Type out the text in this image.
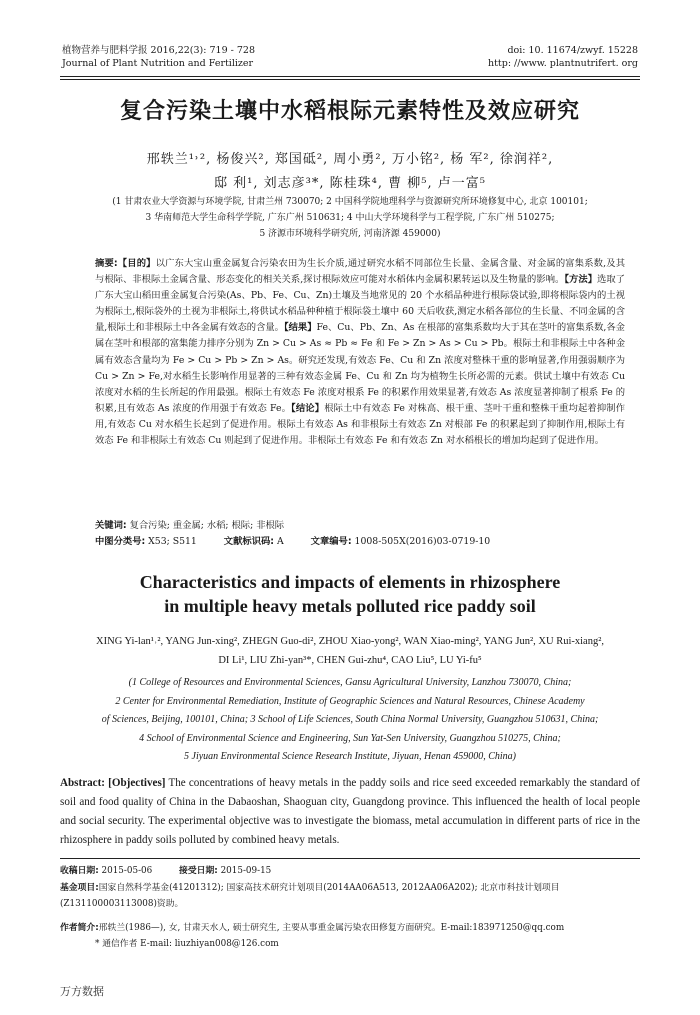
植物营养与肥料学报 2016,22(3): 719 - 728
Journal of Plant Nutrition and Fertilizer
doi: 10. 11674/zwyf. 15228
http: //www. plantnutrifert. org
复合污染土壤中水稻根际元素特性及效应研究
邢轶兰¹˒², 杨俊兴², 郑国砥², 周小勇², 万小铭², 杨 军², 徐润祥²,
邸 利¹, 刘志彦³*, 陈桂珠⁴, 曹 柳⁵, 卢一富⁵
(1 甘肃农业大学资源与环境学院, 甘肃兰州 730070; 2 中国科学院地理科学与资源研究所环境修复中心, 北京 100101;
3 华南师范大学生命科学学院, 广东广州 510631; 4 中山大学环境科学与工程学院, 广东广州 510275;
5 济源市环境科学研究所, 河南济源 459000)
摘要:【目的】以广东大宝山重金属复合污染农田为生长介质,通过研究水稻不同部位生长量、金属含量、对金属的富集系数,及其与根际、非根际土金属含量、形态变化的相关关系,探讨根际效应可能对水稻体内金属积累转运以及生物量的影响。【方法】选取了广东大宝山稻田重金属复合污染(As、Pb、Fe、Cu、Zn)土壤及当地常见的 20 个水稻品种进行根际袋试验,即将根际袋内的土视为根际土,根际袋外的土视为非根际土,将供试水稻品种种植于根际袋土壤中 60 天后收获,测定水稻各部位的生长量、不同金属的含量,根际土和非根际土中各金属有效态的含量。【结果】Fe、Cu、Pb、Zn、As 在根部的富集系数均大于其在茎叶的富集系数,各金属在茎叶和根部的富集能力排序分别为 Zn > Cu > As ≈ Pb ≈ Fe 和 Fe > Zn > As > Cu > Pb。根际土和非根际土中各种金属有效态含量均为 Fe > Cu > Pb > Zn > As。研究还发现,有效态 Fe、Cu 和 Zn 浓度对整株干重的影响显著,作用强弱顺序为 Cu > Zn > Fe,对水稻生长影响作用显著的三种有效态金属 Fe、Cu 和 Zn 均为植物生长所必需的元素。供试土壤中有效态 Cu 浓度对水稻的生长所起的作用最强。根际土有效态 Fe 浓度对根系 Fe 的积累作用效果显著,有效态 As 浓度显著抑制了根系 Fe 的积累,且有效态 As 浓度的作用强于有效态 Fe。【结论】根际土中有效态 Fe 对株高、根干重、茎叶干重和整株干重均起着抑制作用,有效态 Cu 对水稻生长起到了促进作用。根际土有效态 As 和非根际土有效态 Zn 对根部 Fe 的积累起到了抑制作用,根际土有效态 Fe 和非根际土有效态 Cu 则起到了促进作用。非根际土有效态 Fe 和有效态 Zn 对水稻根长的增加均起到了促进作用。
关键词: 复合污染; 重金属; 水稻; 根际; 非根际
中图分类号: X53; S511	文献标识码: A	文章编号: 1008-505X(2016)03-0719-10
Characteristics and impacts of elements in rhizosphere
in multiple heavy metals polluted rice paddy soil
XING Yi-lan¹˒², YANG Jun-xing², ZHEGN Guo-di², ZHOU Xiao-yong², WAN Xiao-ming², YANG Jun², XU Rui-xiang²,
DI Li¹, LIU Zhi-yan³*, CHEN Gui-zhu⁴, CAO Liu⁵, LU Yi-fu⁵
(1 College of Resources and Environmental Sciences, Gansu Agricultural University, Lanzhou 730070, China;
2 Center for Environmental Remediation, Institute of Geographic Sciences and Natural Resources, Chinese Academy
of Sciences, Beijing, 100101, China; 3 School of Life Sciences, South China Normal University, Guangzhou 510631, China;
4 School of Environmental Science and Engineering, Sun Yat-Sen University, Guangzhou 510275, China;
5 Jiyuan Environmental Science Research Institute, Jiyuan, Henan 459000, China)
Abstract: [Objectives] The concentrations of heavy metals in the paddy soils and rice seed exceeded remarkably the standard of soil and food quality of China in the Dabaoshan, Shaoguan city, Guangdong province. This influenced the health of local people and social security. The experimental objective was to investigate the biomass, metal accumulation in different parts of rice in the rhizosphere in paddy soils polluted by combined heavy metals.
收稿日期: 2015-05-06	接受日期: 2015-09-15
基金项目:国家自然科学基金(41201312); 国家高技术研究计划项目(2014AA06A513, 2012AA06A202); 北京市科技计划项目(Z131100003113008)资助。
作者简介:邢轶兰(1986—), 女, 甘肃天水人, 硕士研究生, 主要从事重金属污染农田修复方面研究。E-mail:183971250@qq.com
* 通信作者 E-mail: liuzhiyan008@126.com
万方数据
